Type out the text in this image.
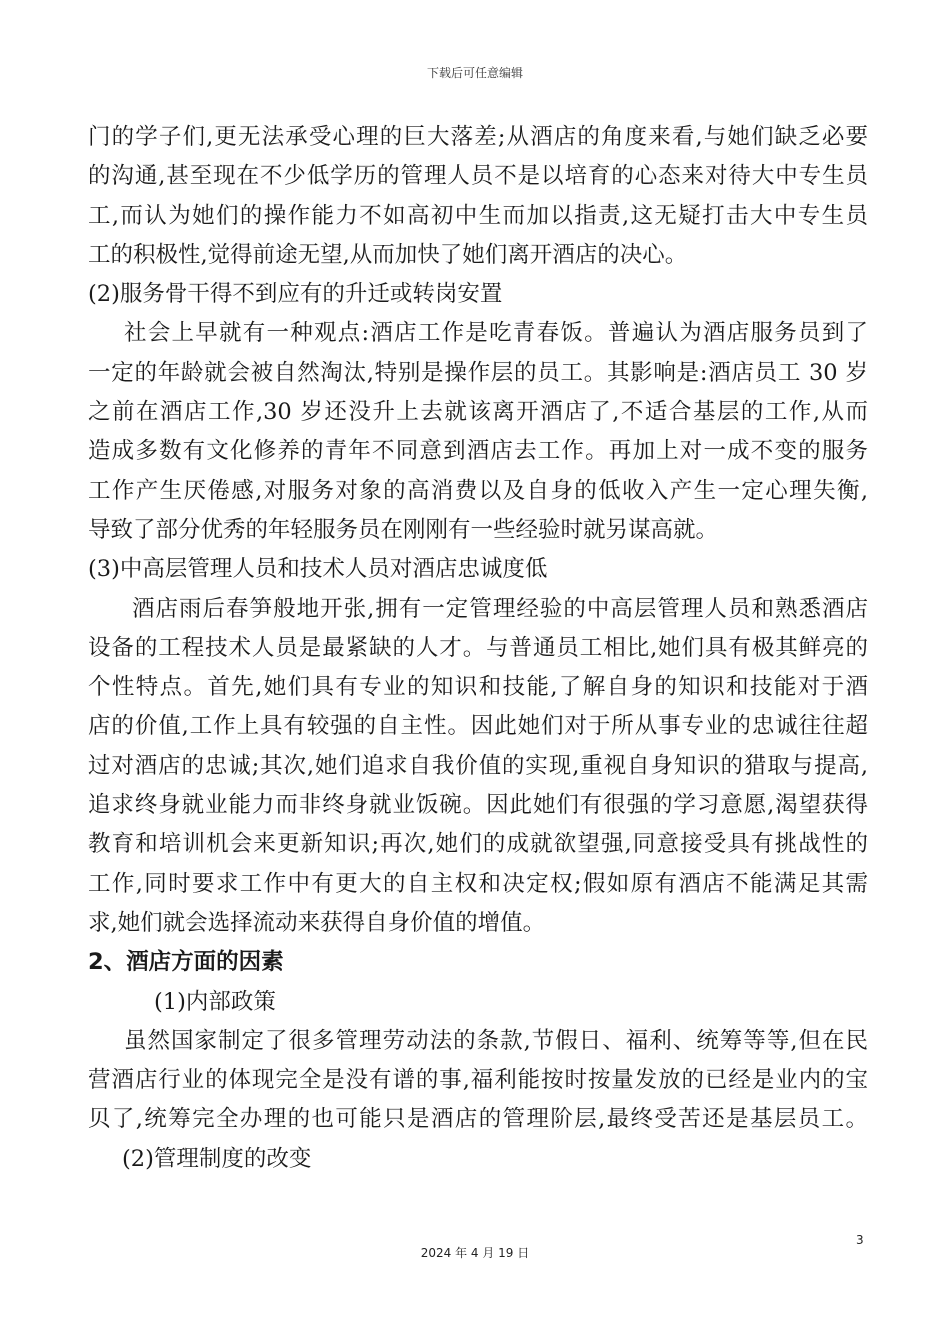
下载后可任意编辑
门的学子们,更无法承受心理的巨大落差;从酒店的角度来看,与她们缺乏必要
的沟通,甚至现在不少低学历的管理人员不是以培育的心态来对待大中专生员
工,而认为她们的操作能力不如高初中生而加以指责,这无疑打击大中专生员
工的积极性,觉得前途无望,从而加快了她们离开酒店的决心。
(2)服务骨干得不到应有的升迁或转岗安置
社会上早就有一种观点:酒店工作是吃青春饭。普遍认为酒店服务员到了
一定的年龄就会被自然淘汰,特别是操作层的员工。其影响是:酒店员工 30 岁
之前在酒店工作,30 岁还没升上去就该离开酒店了,不适合基层的工作,从而
造成多数有文化修养的青年不同意到酒店去工作。再加上对一成不变的服务
工作产生厌倦感,对服务对象的高消费以及自身的低收入产生一定心理失衡,
导致了部分优秀的年轻服务员在刚刚有一些经验时就另谋高就。
(3)中高层管理人员和技术人员对酒店忠诚度低
酒店雨后春笋般地开张,拥有一定管理经验的中高层管理人员和熟悉酒店
设备的工程技术人员是最紧缺的人才。与普通员工相比,她们具有极其鲜亮的
个性特点。首先,她们具有专业的知识和技能,了解自身的知识和技能对于酒
店的价值,工作上具有较强的自主性。因此她们对于所从事专业的忠诚往往超
过对酒店的忠诚;其次,她们追求自我价值的实现,重视自身知识的猎取与提高,
追求终身就业能力而非终身就业饭碗。因此她们有很强的学习意愿,渴望获得
教育和培训机会来更新知识;再次,她们的成就欲望强,同意接受具有挑战性的
工作,同时要求工作中有更大的自主权和决定权;假如原有酒店不能满足其需
求,她们就会选择流动来获得自身价值的增值。
2、酒店方面的因素
(1)内部政策
虽然国家制定了很多管理劳动法的条款,节假日、福利、统筹等等,但在民
营酒店行业的体现完全是没有谱的事,福利能按时按量发放的已经是业内的宝
贝了,统筹完全办理的也可能只是酒店的管理阶层,最终受苦还是基层员工。
(2)管理制度的改变
3
2024 年 4 月 19 日
